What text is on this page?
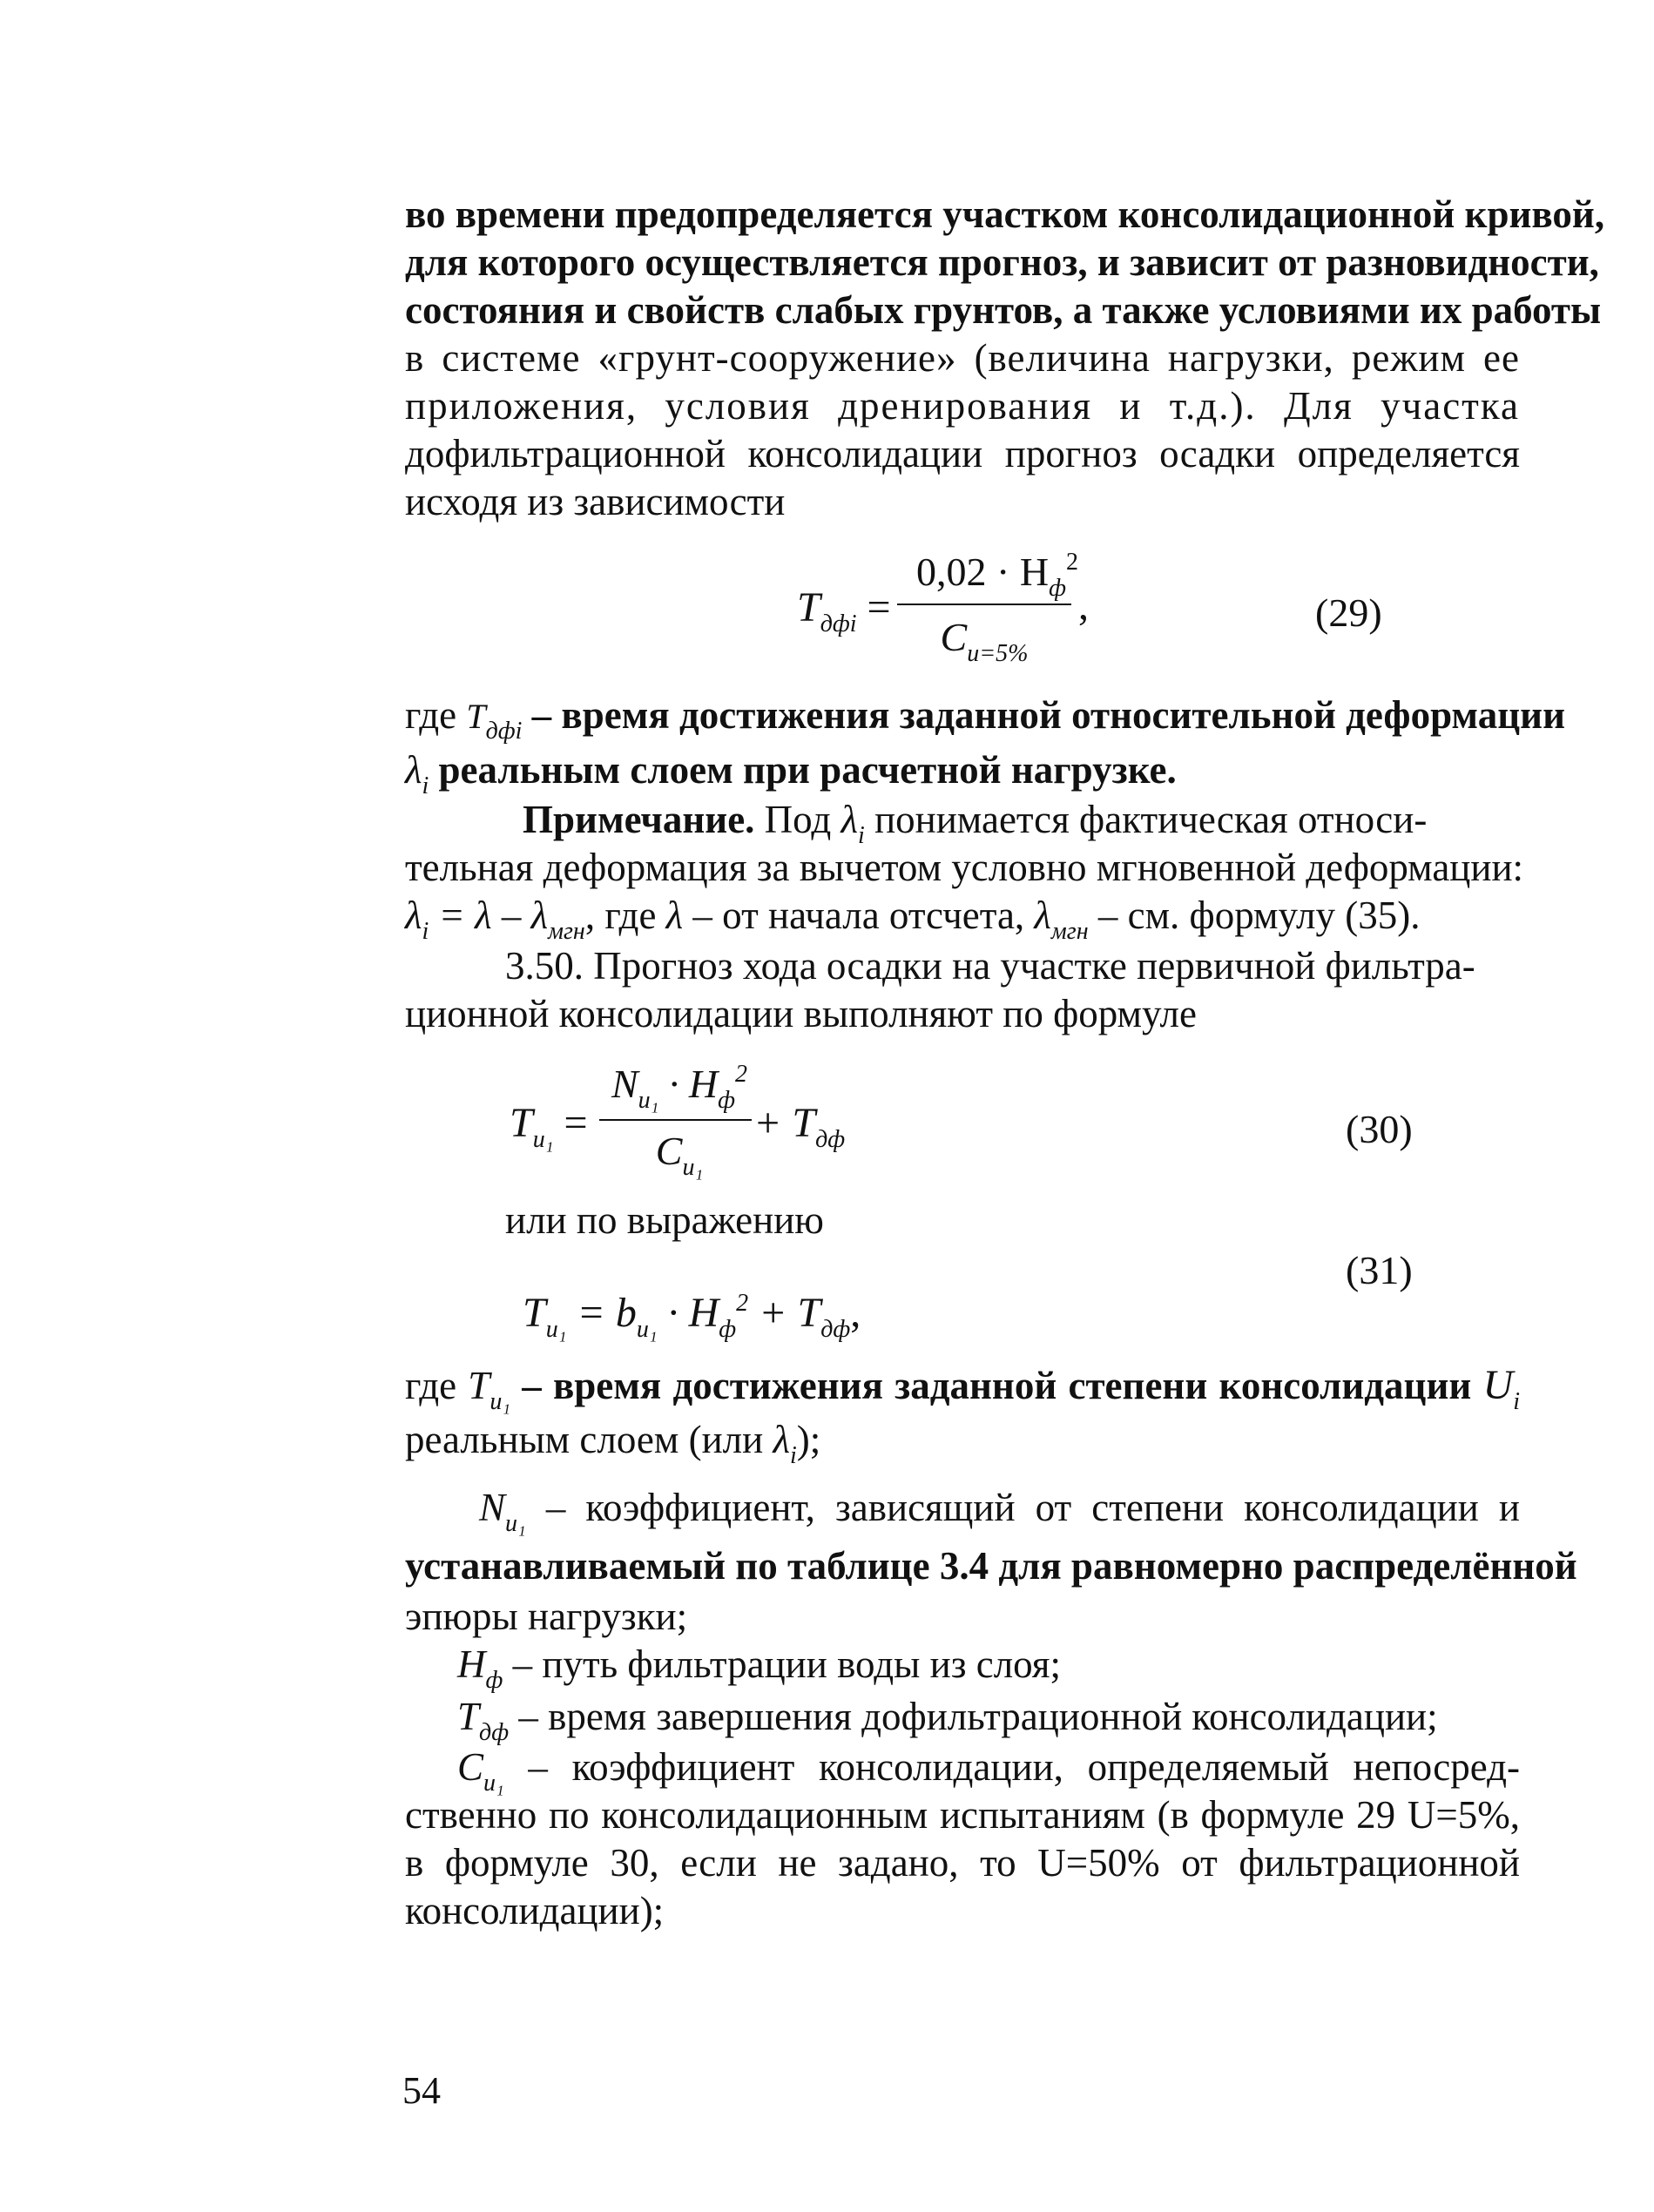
во времени предопределяется участком консолидационной кривой,
для которого осуществляется прогноз, и зависит от разновидности,
состояния и свойств слабых грунтов, а также условиями их работы
в системе «грунт-сооружение» (величина нагрузки, режим ее
приложения, условия дренирования и т.д.). Для участка
дофильтрационной консолидации прогноз осадки определяется
исходя из зависимости
$T_{дфi}$ =
$0,02 \cdot H_ф^2$
$C_{u=5\%}$
,	(29)
где $T_{дфi}$ – время достижения заданной относительной деформации
$\lambda_i$ реальным слоем при расчетной нагрузке.
Примечание. Под $\lambda_i$ понимается фактическая относи-
тельная деформация за вычетом условно мгновенной деформации:
$\lambda_i = \lambda - \lambda_{мгн}$, где λ – от начала отсчета, $\lambda_{мгн}$ – см. формулу (35).
3.50. Прогноз хода осадки на участке первичной фильтра-
ционной консолидации выполняют по формуле
$T_{u_1}$ =
$N_{u_1} \cdot H_ф^2$
$C_{u_1}$
+ $T_{дф}$	(30)
или по выражению
(31)
$T_{u_1} = b_{u_1} \cdot H_ф^2 + T_{дф}$,
где $T_{u_1}$ – время достижения заданной степени консолидации $U_i$
реальным слоем (или $\lambda_i$);
$N_{u_1}$ – коэффициент, зависящий от степени консолидации и
устанавливаемый по таблице 3.4 для равномерно распределённой
эпюры нагрузки;
$H_ф$ – путь фильтрации воды из слоя;
$T_{дф}$ – время завершения дофильтрационной консолидации;
$C_{u_1}$ – коэффициент консолидации, определяемый непосред-
ственно по консолидационным испытаниям (в формуле 29 U=5%,
в формуле 30, если не задано, то U=50% от фильтрационной
консолидации);
54
